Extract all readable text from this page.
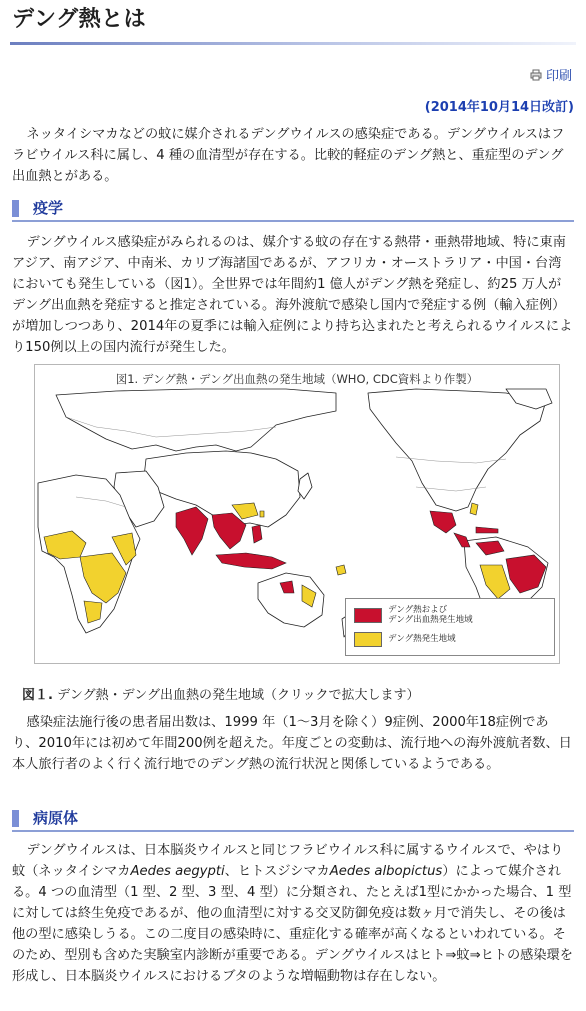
デング熱とは
印刷
(2014年10月14日改訂)

ネッタイシマカなどの蚊に媒介されるデングウイルスの感染症である。デングウイルスはフラビウイルス科に属し、4 種の血清型が存在する。比較的軽症のデング熱と、重症型のデング出血熱とがある。

疫学

デングウイルス感染症がみられるのは、媒介する蚊の存在する熱帯・亜熱帯地域、特に東南アジア、南アジア、中南米、カリブ海諸国であるが、アフリカ・オーストラリア・中国・台湾においても発生している（図1）。全世界では年間約1 億人がデング熱を発症し、約25 万人がデング出血熱を発症すると推定されている。海外渡航で感染し国内で発症する例（輸入症例）が増加しつつあり、2014年の夏季には輸入症例により持ち込まれたと考えられるウイルスにより150例以上の国内流行が発生した。

図1. デング熱・デング出血熱の発生地域（WHO, CDC資料より作製）
デング熱および
デング出血熱発生地域
デング熱発生地域
図１. デング熱・デング出血熱の発生地域（クリックで拡大します）

感染症法施行後の患者届出数は、1999 年（1～3月を除く）9症例、2000年18症例であり、2010年には初めて年間200例を超えた。年度ごとの変動は、流行地への海外渡航者数、日本人旅行者のよく行く流行地でのデング熱の流行状況と関係しているようである。

病原体

デングウイルスは、日本脳炎ウイルスと同じフラビウイルス科に属するウイルスで、やはり蚊（ネッタイシマカAedes aegypti、ヒトスジシマカAedes albopictus）によって媒介される。4 つの血清型（1 型、2 型、3 型、4 型）に分類され、たとえば1型にかかった場合、1 型に対しては終生免疫であるが、他の血清型に対する交叉防御免疫は数ヶ月で消失し、その後は他の型に感染しうる。この二度目の感染時に、重症化する確率が高くなるといわれている。そのため、型別も含めた実験室内診断が重要である。デングウイルスはヒト⇒蚊⇒ヒトの感染環を形成し、日本脳炎ウイルスにおけるブタのような増幅動物は存在しない。
